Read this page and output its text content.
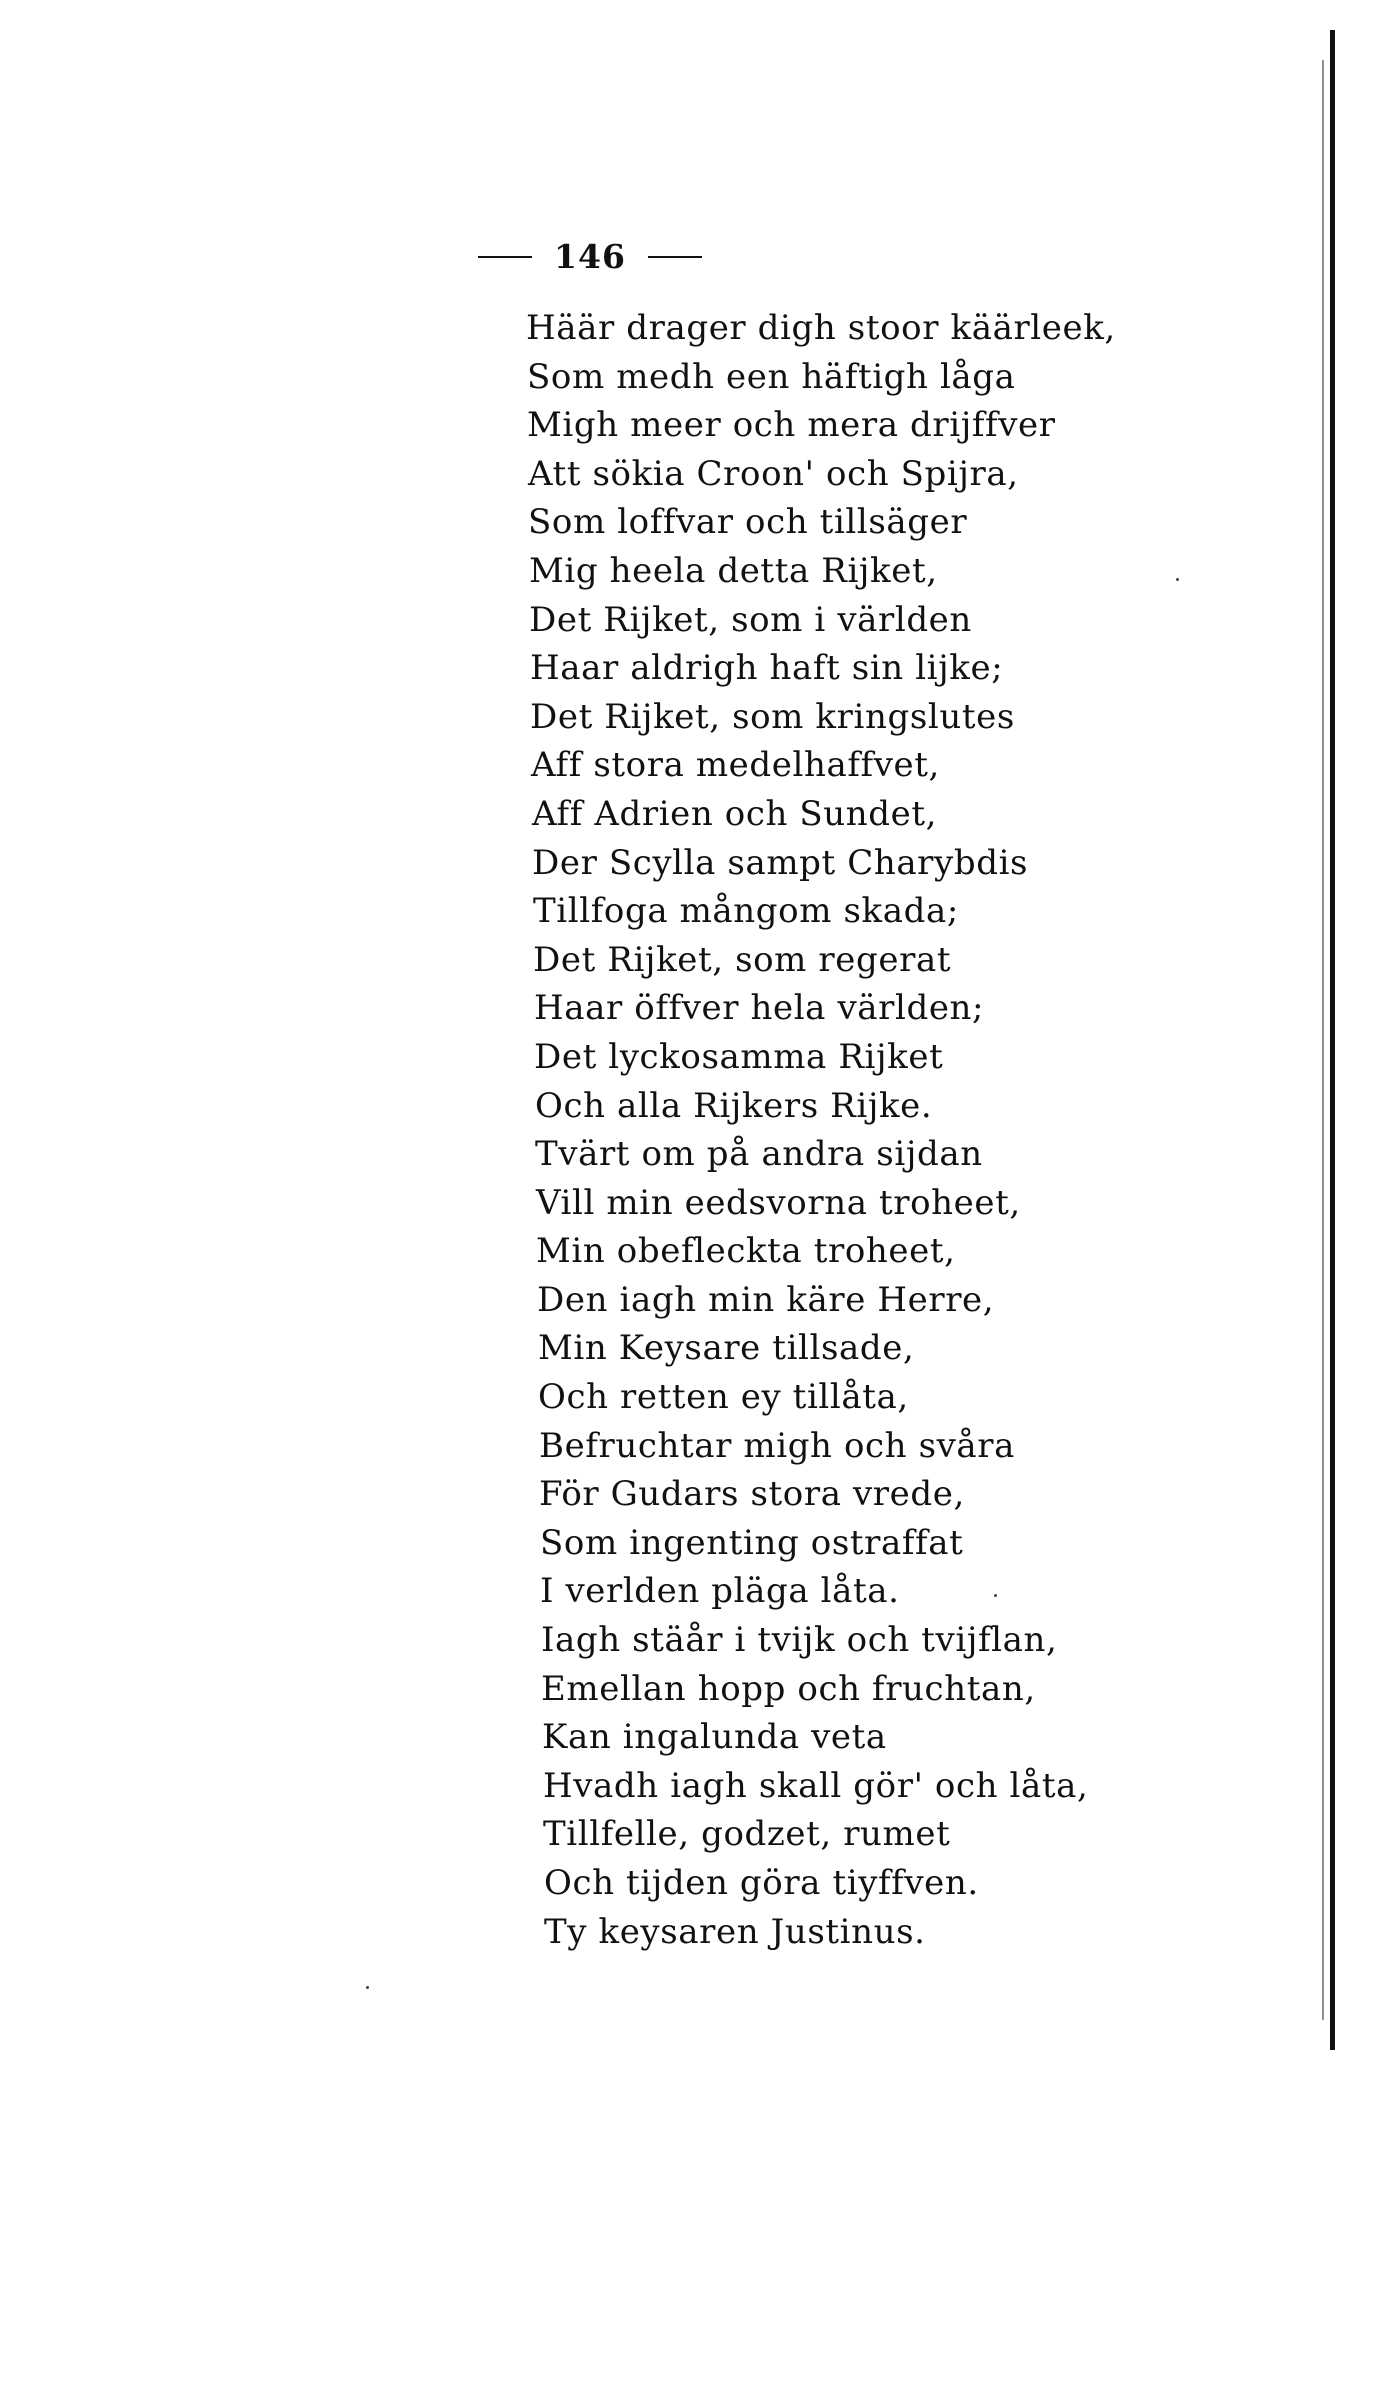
146
Häär drager digh stoor käärleek,
Som medh een häftigh låga
Migh meer och mera drijffver
Att sökia Croon' och Spijra,
Som loffvar och tillsäger
Mig heela detta Rijket,
Det Rijket, som i världen
Haar aldrigh haft sin lijke;
Det Rijket, som kringslutes
Aff stora medelhaffvet,
Aff Adrien och Sundet,
Der Scylla sampt Charybdis
Tillfoga mångom skada;
Det Rijket, som regerat
Haar öffver hela världen;
Det lyckosamma Rijket
Och alla Rijkers Rijke.
Tvärt om på andra sijdan
Vill min eedsvorna troheet,
Min obefleckta troheet,
Den iagh min käre Herre,
Min Keysare tillsade,
Och retten ey tillåta,
Befruchtar migh och svåra
För Gudars stora vrede,
Som ingenting ostraffat
I verlden pläga låta.
Iagh stäår i tvijk och tvijflan,
Emellan hopp och fruchtan,
Kan ingalunda veta
Hvadh iagh skall gör' och låta,
Tillfelle, godzet, rumet
Och tijden göra tiyffven.
Ty keysaren Justinus.
